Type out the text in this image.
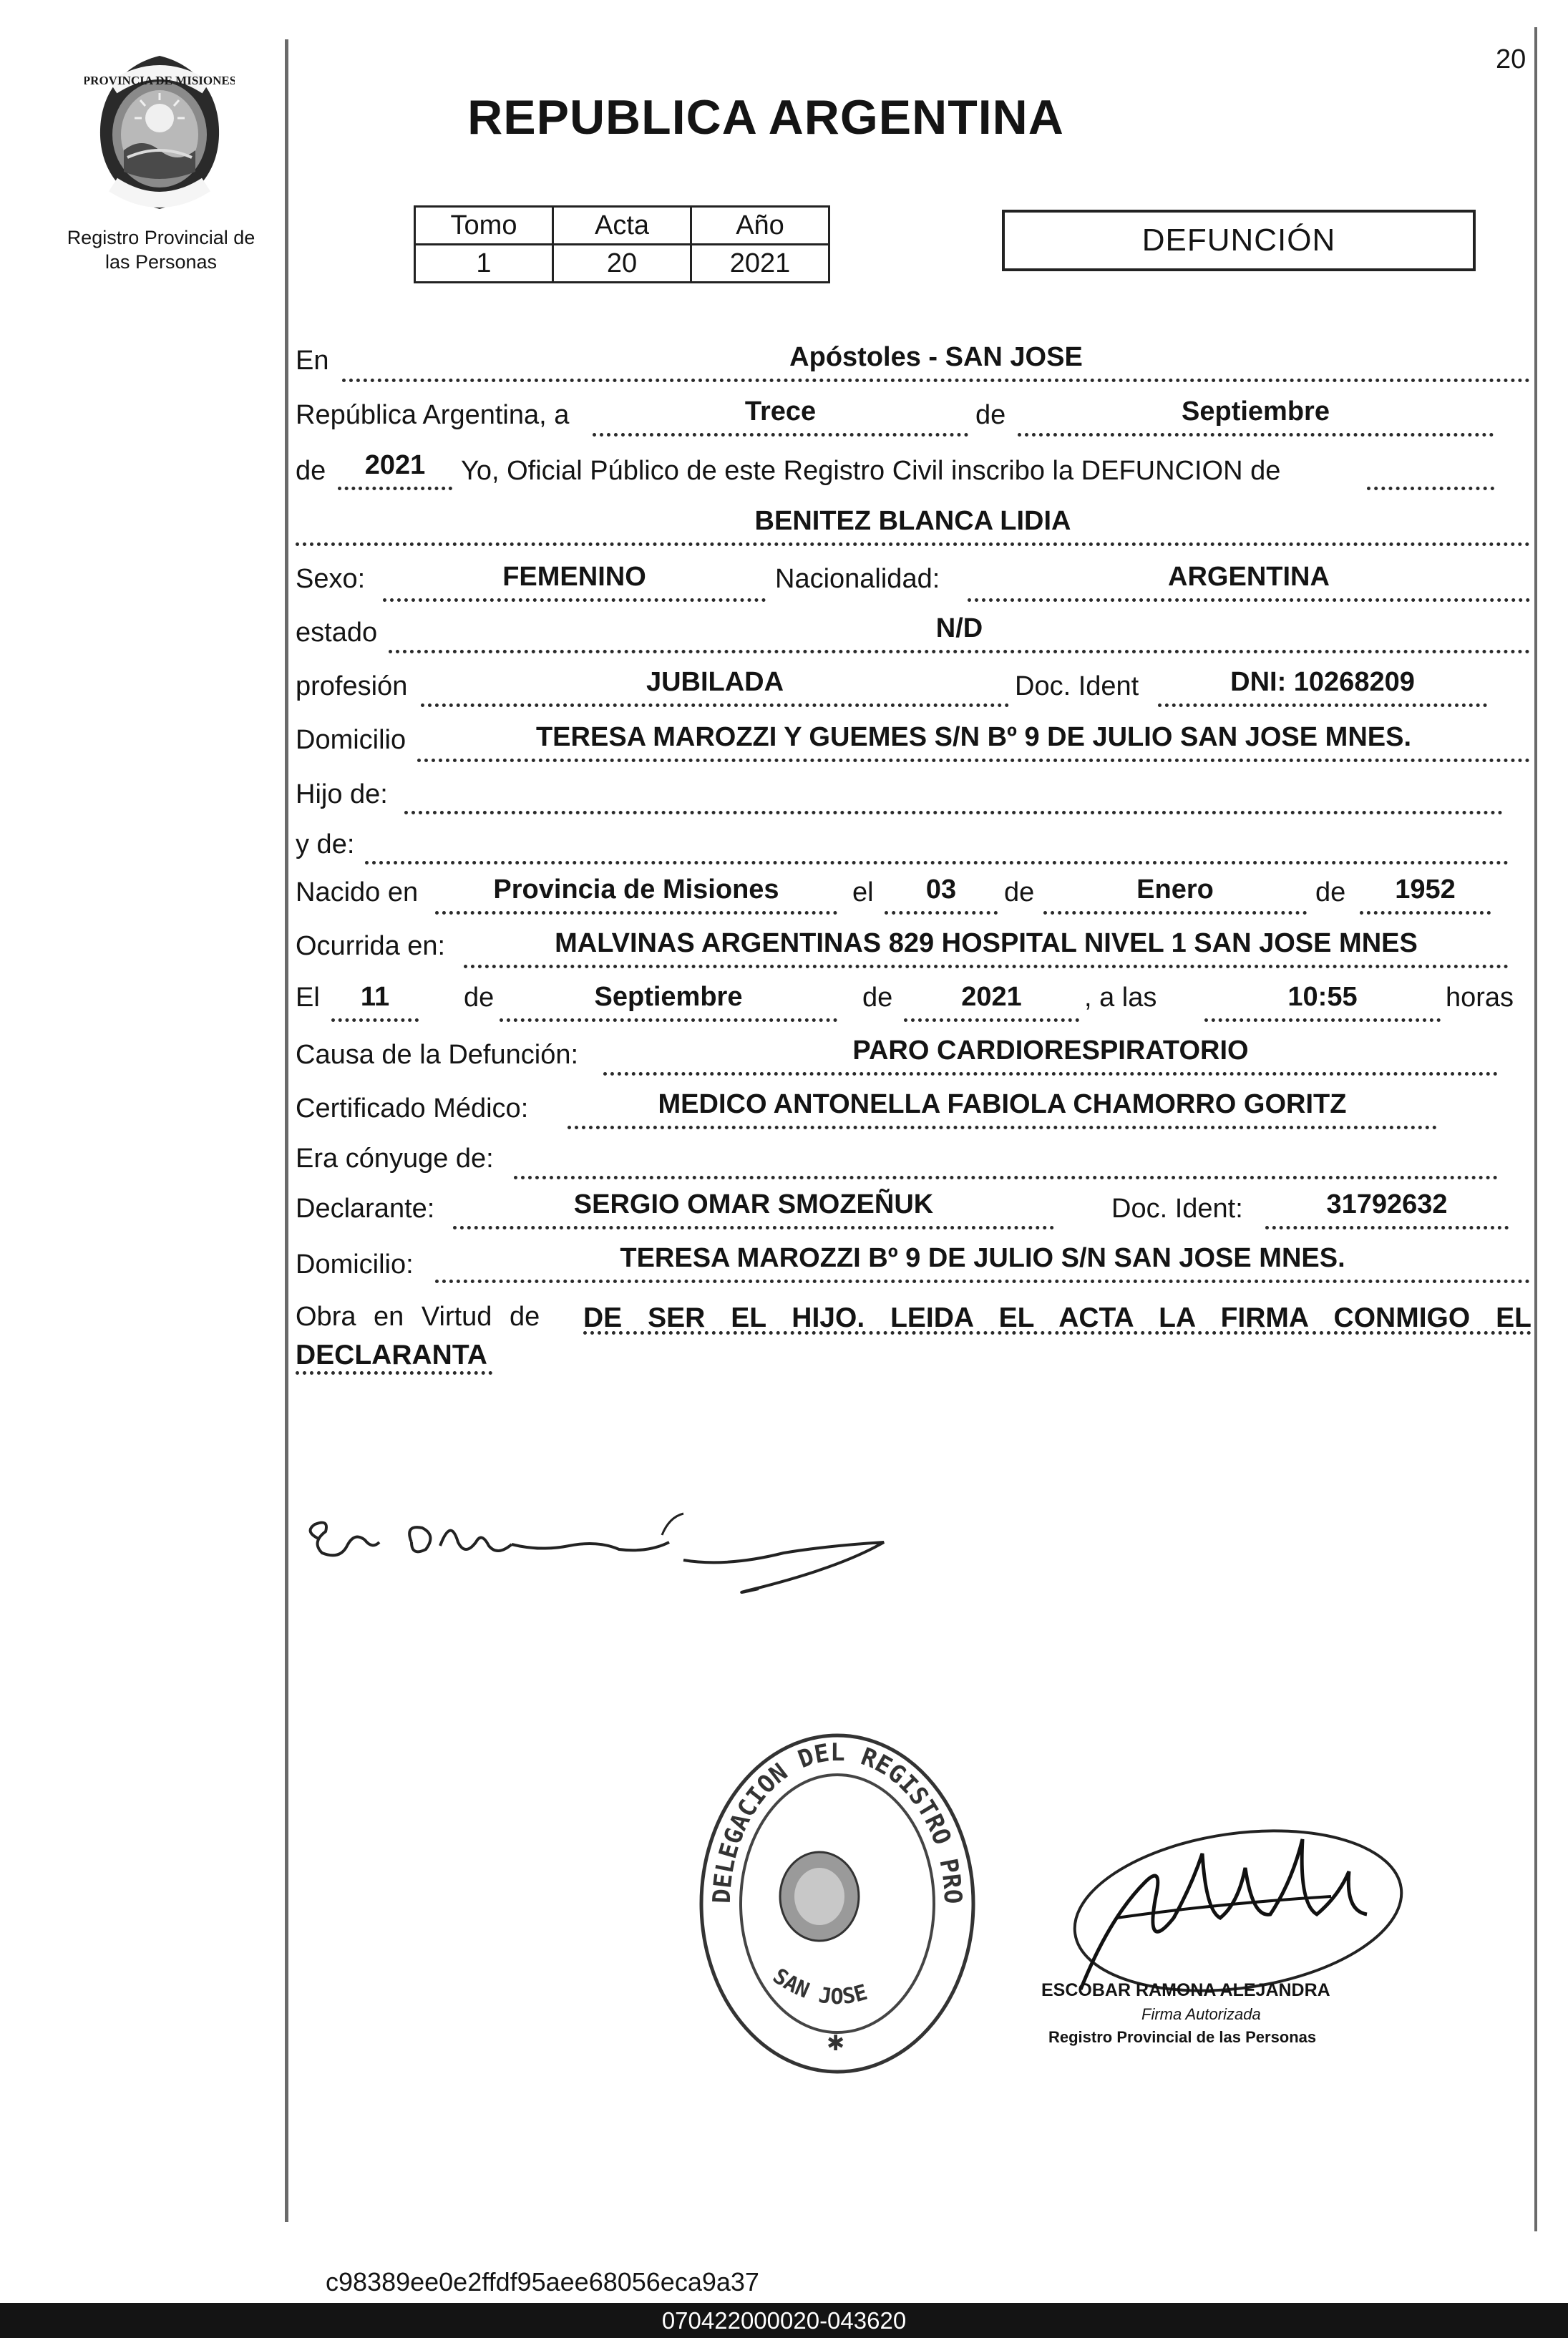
20
PROVINCIA DE MISIONES
Registro Provincial de
las Personas
REPUBLICA ARGENTINA
Tomo	Acta	Año
1	20	2021
DEFUNCIÓN
En	Apóstoles - SAN JOSE
República Argentina, a	Trece	de	Septiembre
de	2021	Yo, Oficial Público de este Registro Civil inscribo la DEFUNCION de
BENITEZ BLANCA LIDIA
Sexo:	FEMENINO	Nacionalidad:	ARGENTINA
estado	N/D
profesión	JUBILADA	Doc. Ident	DNI: 10268209
Domicilio	TERESA MAROZZI Y GUEMES S/N Bº 9 DE JULIO SAN JOSE MNES.
Hijo de:
y de:
Nacido en	Provincia de Misiones	el	03	de	Enero	de	1952
Ocurrida en:	MALVINAS ARGENTINAS 829 HOSPITAL NIVEL 1 SAN JOSE MNES
El	11	de	Septiembre	de	2021	, a las	10:55	horas
Causa de la Defunción:	PARO CARDIORESPIRATORIO
Certificado Médico:	MEDICO ANTONELLA FABIOLA CHAMORRO GORITZ
Era cónyuge de:
Declarante:	SERGIO OMAR SMOZEÑUK	Doc. Ident:	31792632
Domicilio:	TERESA MAROZZI Bº 9 DE JULIO S/N SAN JOSE MNES.
Obra en Virtud de DE SER EL HIJO. LEIDA EL ACTA LA FIRMA CONMIGO EL
DECLARANTA
DELEGACION DEL REGISTRO PRO
SAN JOSE
✱
ESCOBAR RAMONA ALEJANDRA
Firma Autorizada
Registro Provincial de las Personas
c98389ee0e2ffdf95aee68056eca9a37
070422000020-043620
